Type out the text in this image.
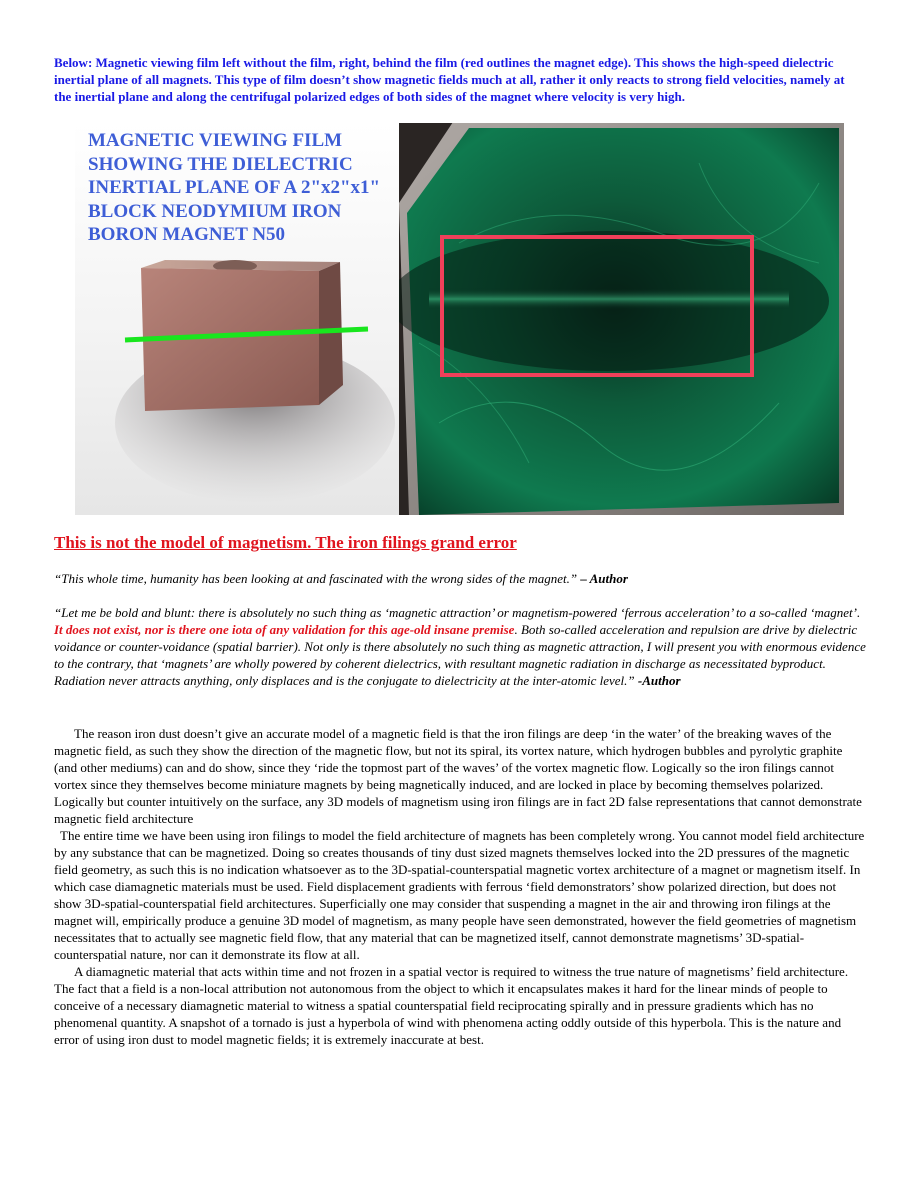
Below: Magnetic viewing film left without the film, right, behind the film (red outlines the magnet edge). This shows the high-speed dielectric inertial plane of all magnets. This type of film doesn’t show magnetic fields much at all, rather it only reacts to strong field velocities, namely at the inertial plane and along the centrifugal polarized edges of both sides of the magnet where velocity is very high.

MAGNETIC VIEWING FILM
SHOWING THE DIELECTRIC
INERTIAL PLANE OF A 2"x2"x1"
BLOCK NEODYMIUM IRON
BORON MAGNET N50

This is not the model of magnetism. The iron filings grand error

“This whole time, humanity has been looking at and fascinated with the wrong sides of the magnet.” – Author

“Let me be bold and blunt: there is absolutely no such thing as ‘magnetic attraction’ or magnetism-powered ‘ferrous acceleration’ to a so-called ‘magnet’. It does not exist, nor is there one iota of any validation for this age-old insane premise. Both so-called acceleration and repulsion are drive by dielectric voidance or counter-voidance (spatial barrier). Not only is there absolutely no such thing as magnetic attraction, I will present you with enormous evidence to the contrary, that ‘magnets’ are wholly powered by coherent dielectrics, with resultant magnetic radiation in discharge as necessitated byproduct. Radiation never attracts anything, only displaces and is the conjugate to dielectricity at the inter-atomic level.” -Author

The reason iron dust doesn’t give an accurate model of a magnetic field is that the iron filings are deep ‘in the water’ of the breaking waves of the magnetic field, as such they show the direction of the magnetic flow, but not its spiral, its vortex nature, which hydrogen bubbles and pyrolytic graphite (and other mediums) can and do show, since they ‘ride the topmost part of the waves’ of the vortex magnetic flow. Logically so the iron filings cannot vortex since they themselves become miniature magnets by being magnetically induced, and are locked in place by becoming themselves polarized. Logically but counter intuitively on the surface, any 3D models of magnetism using iron filings are in fact 2D false representations that cannot demonstrate magnetic field architecture

The entire time we have been using iron filings to model the field architecture of magnets has been completely wrong. You cannot model field architecture by any substance that can be magnetized. Doing so creates thousands of tiny dust sized magnets themselves locked into the 2D pressures of the magnetic field geometry, as such this is no indication whatsoever as to the 3D-spatial-counterspatial magnetic vortex architecture of a magnet or magnetism itself. In which case diamagnetic materials must be used. Field displacement gradients with ferrous ‘field demonstrators’ show polarized direction, but does not show 3D-spatial-counterspatial field architectures. Superficially one may consider that suspending a magnet in the air and throwing iron filings at the magnet will, empirically produce a genuine 3D model of magnetism, as many people have seen demonstrated, however the field geometries of magnetism necessitates that to actually see magnetic field flow, that any material that can be magnetized itself, cannot demonstrate magnetisms’ 3D-spatial-counterspatial nature, nor can it demonstrate its flow at all.

A diamagnetic material that acts within time and not frozen in a spatial vector is required to witness the true nature of magnetisms’ field architecture. The fact that a field is a non-local attribution not autonomous from the object to which it encapsulates makes it hard for the linear minds of people to conceive of a necessary diamagnetic material to witness a spatial counterspatial field reciprocating spirally and in pressure gradients which has no phenomenal quantity. A snapshot of a tornado is just a hyperbola of wind with phenomena acting oddly outside of this hyperbola. This is the nature and error of using iron dust to model magnetic fields; it is extremely inaccurate at best.
